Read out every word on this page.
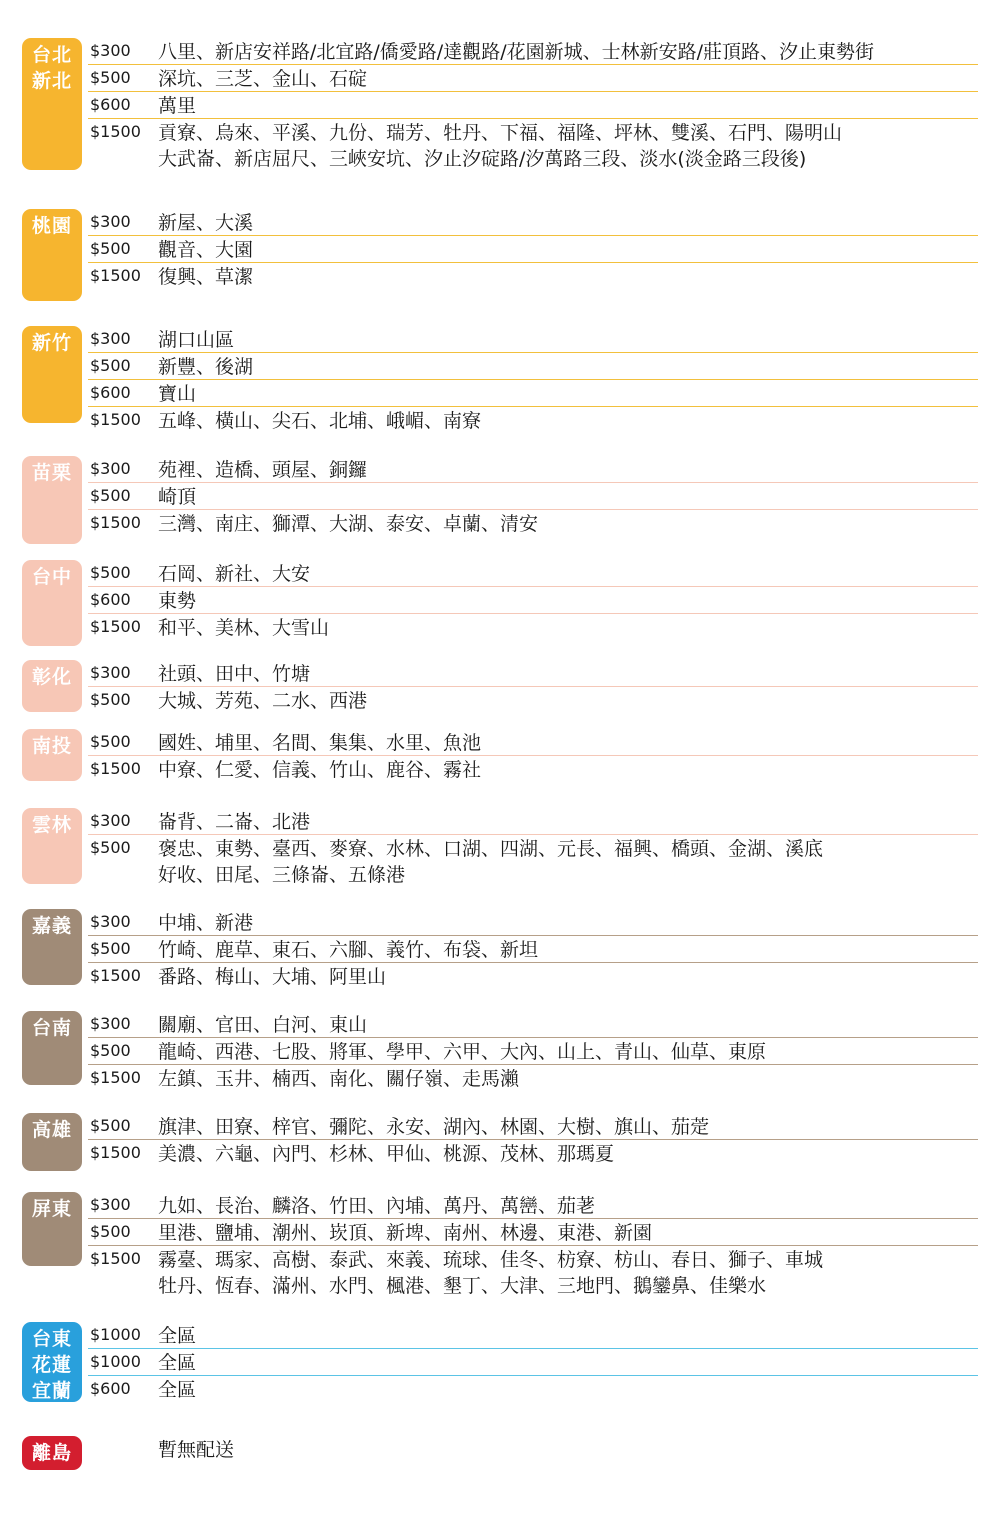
台北
新北
$300	八里、新店安祥路/北宜路/僑愛路/達觀路/花園新城、士林新安路/莊頂路、汐止東勢街
$500	深坑、三芝、金山、石碇
$600	萬里
$1500 貢寮、烏來、平溪、九份、瑞芳、牡丹、下福、福隆、坪林、雙溪、石門、陽明山
大武崙、新店屈尺、三峽安坑、汐止汐碇路/汐萬路三段、淡水(淡金路三段後)
桃園	$300	新屋、大溪
$500	觀音、大園
$1500 復興、草潔
新竹	$300	湖口山區
$500	新豐、後湖
$600	寶山
$1500 五峰、橫山、尖石、北埔、峨嵋、南寮
苗栗	$300	苑裡、造橋、頭屋、銅鑼
$500	崎頂
$1500 三灣、南庄、獅潭、大湖、泰安、卓蘭、清安
台中	$500	石岡、新社、大安
$600	東勢
$1500 和平、美林、大雪山
彰化	$300	社頭、田中、竹塘
$500	大城、芳苑、二水、西港
南投	$500	國姓、埔里、名間、集集、水里、魚池
$1500 中寮、仁愛、信義、竹山、鹿谷、霧社
雲林	$300	崙背、二崙、北港
$500	褒忠、東勢、臺西、麥寮、水林、口湖、四湖、元長、福興、橋頭、金湖、溪底
好收、田尾、三條崙、五條港
嘉義	$300	中埔、新港
$500	竹崎、鹿草、東石、六腳、義竹、布袋、新坦
$1500 番路、梅山、大埔、阿里山
台南	$300	關廟、官田、白河、東山
$500	龍崎、西港、七股、將軍、學甲、六甲、大內、山上、青山、仙草、東原
$1500 左鎮、玉井、楠西、南化、關仔嶺、走馬瀨
高雄	$500	旗津、田寮、梓官、彌陀、永安、湖內、林園、大樹、旗山、茄萣
$1500 美濃、六龜、內門、杉林、甲仙、桃源、茂林、那瑪夏
屏東	$300	九如、長治、麟洛、竹田、內埔、萬丹、萬巒、茄荖
$500	里港、鹽埔、潮州、崁頂、新埤、南州、林邊、東港、新園
$1500 霧臺、瑪家、高樹、泰武、來義、琉球、佳冬、枋寮、枋山、春日、獅子、車城
牡丹、恆春、滿州、水門、楓港、墾丁、大津、三地門、鵝鑾鼻、佳樂水
台東
花蓮
宜蘭
$1000 全區
$1000 全區
$600	全區
離島	暫無配送
